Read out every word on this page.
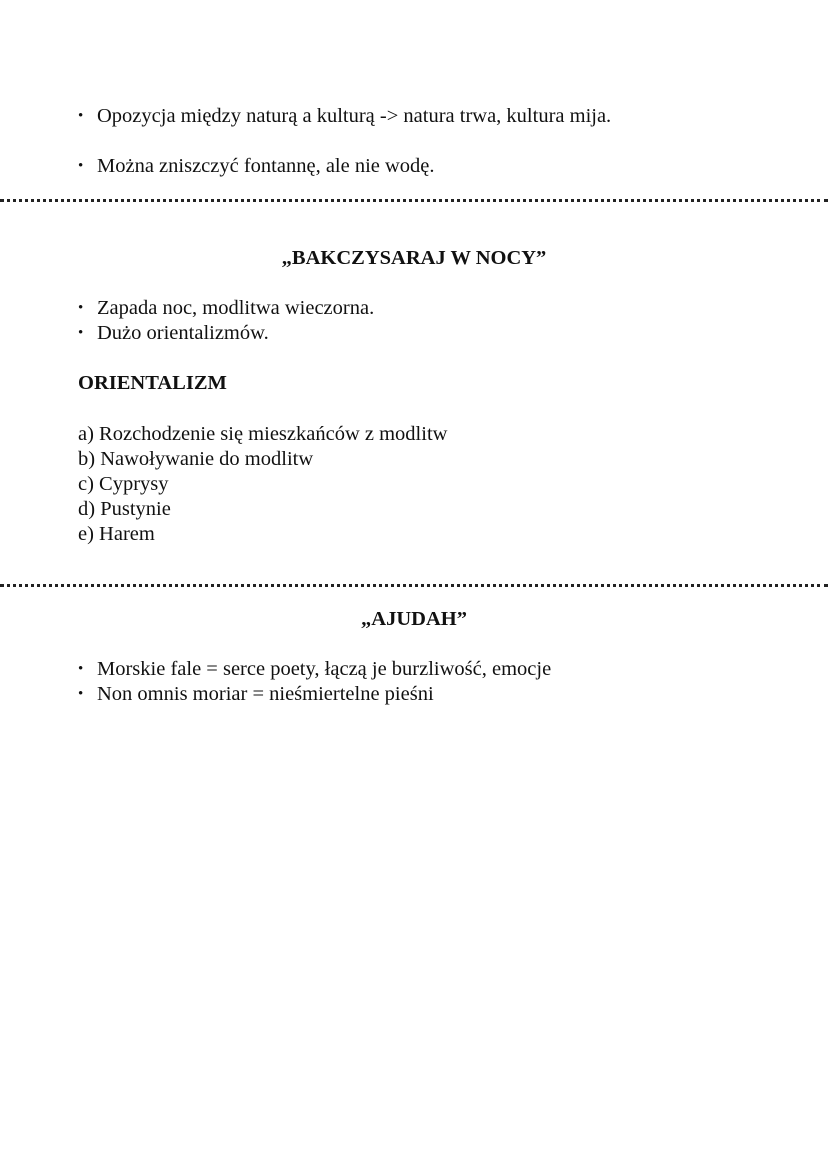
• Opozycja między naturą a kulturą -> natura trwa, kultura mija.
• Można zniszczyć fontannę, ale nie wodę.
„BAKCZYSARAJ W NOCY”
• Zapada noc, modlitwa wieczorna.
• Dużo orientalizmów.
ORIENTALIZM
a) Rozchodzenie się mieszkańców z modlitw
b) Nawoływanie do modlitw
c) Cyprysy
d) Pustynie
e) Harem
„AJUDAH”
• Morskie fale = serce poety, łączą je burzliwość, emocje
• Non omnis moriar = nieśmiertelne pieśni
